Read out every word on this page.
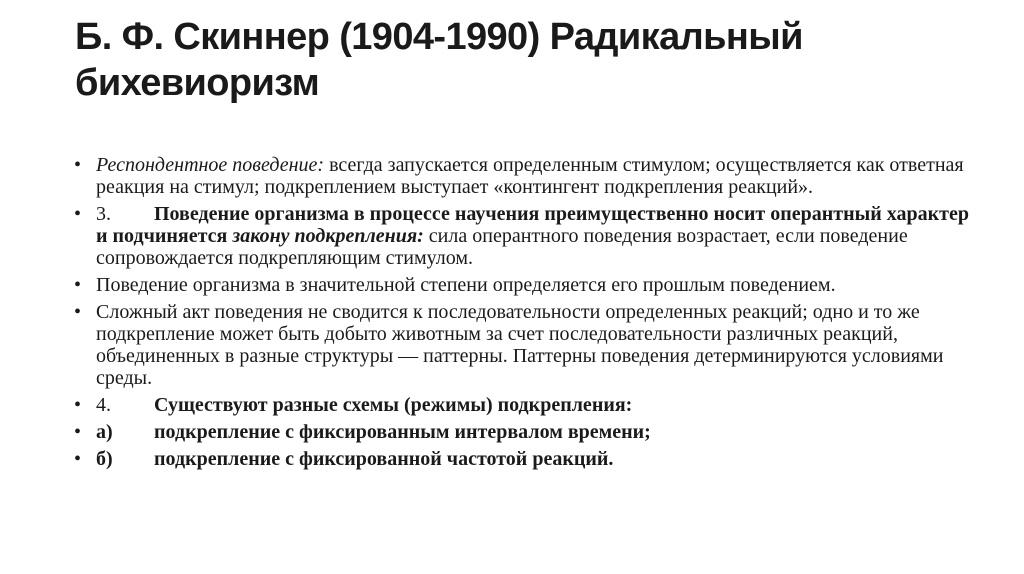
Б. Ф. Скиннер (1904-1990) Радикальный бихевиоризм
• Респондентное поведение: всегда запускается определенным стимулом; осуществляется как ответная реакция на стимул; подкреплением выступает «контингент подкрепления реакций».
• 3. Поведение организма в процессе научения преимущественно носит оперантный характер и подчиняется закону подкрепления: сила оперантного поведения возрастает, если поведение сопровождается подкрепляющим стимулом.
• Поведение организма в значительной степени определяется его прошлым поведением.
• Сложный акт поведения не сводится к последовательности определенных реакций; одно и то же подкрепление может быть добыто животным за счет последовательности различных реакций, объединенных в разные структуры — паттерны. Паттерны поведения детерминируются условиями среды.
• 4. Существуют разные схемы (режимы) подкрепления:
• а) подкрепление с фиксированным интервалом времени;
• б) подкрепление с фиксированной частотой реакций.
